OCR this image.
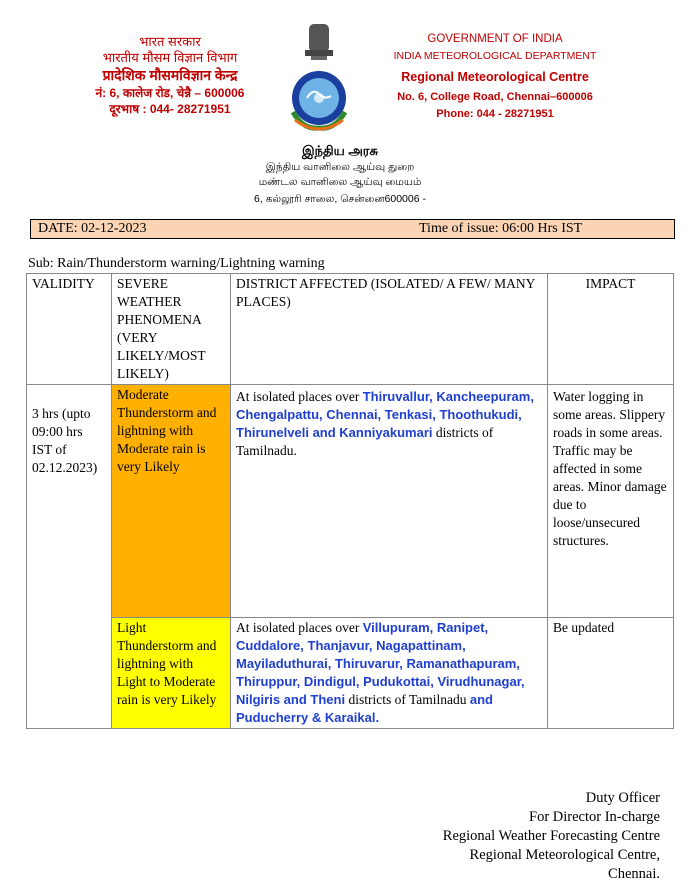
भारत सरकार
भारतीय मौसम विज्ञान विभाग
प्रादेशिक मौसमविज्ञान केन्द्र
नं: 6, कालेज रोड, चेन्नै – 600006
दूरभाष : 044- 28271951
GOVERNMENT OF INDIA
INDIA METEOROLOGICAL DEPARTMENT
Regional Meteorological Centre
No. 6, College Road, Chennai–600006
Phone: 044 - 28271951
இந்திய அரசு
இந்திய வானிலை ஆய்வு துறை
மண்டல வானிலை ஆய்வு மையம்
6, கல்லூரி சாலை, சென்னை600006 -
DATE: 02-12-2023	Time of issue: 06:00 Hrs IST
Sub: Rain/Thunderstorm warning/Lightning warning
VALIDITY	SEVERE WEATHER PHENOMENA (VERY LIKELY/MOST LIKELY)	DISTRICT AFFECTED (ISOLATED/ A FEW/ MANY PLACES)	IMPACT
3 hrs (upto 09:00 hrs IST of 02.12.2023)	Moderate Thunderstorm and lightning with Moderate rain is very Likely	At isolated places over Thiruvallur, Kancheepuram, Chengalpattu, Chennai, Tenkasi, Thoothukudi, Thirunelveli and Kanniyakumari districts of Tamilnadu.	Water logging in some areas. Slippery roads in some areas. Traffic may be affected in some areas. Minor damage due to loose/unsecured structures.
	Light Thunderstorm and lightning with Light to Moderate rain is very Likely	At isolated places over Villupuram, Ranipet, Cuddalore, Thanjavur, Nagapattinam, Mayiladuthurai, Thiruvarur, Ramanathapuram, Thiruppur, Dindigul, Pudukottai, Virudhunagar, Nilgiris and Theni districts of Tamilnadu and Puducherry & Karaikal.	Be updated
Duty Officer
For Director In-charge
Regional Weather Forecasting Centre
Regional Meteorological Centre,
Chennai.
